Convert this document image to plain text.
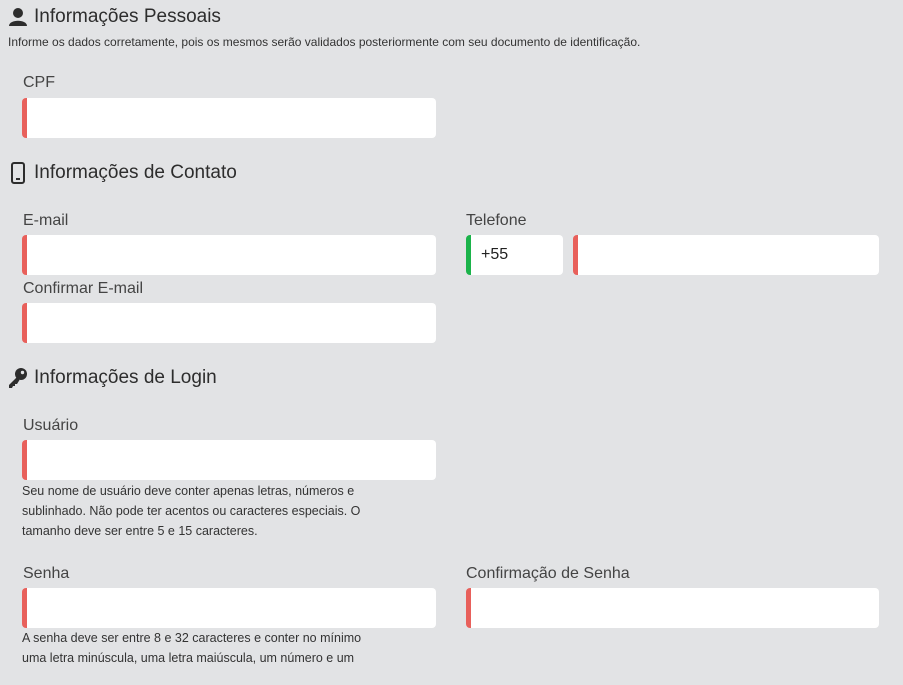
Informações Pessoais
Informe os dados corretamente, pois os mesmos serão validados posteriormente com seu documento de identificação.
CPF
Informações de Contato
E-mail	Telefone
+55
Confirmar E-mail
Informações de Login
Usuário
Seu nome de usuário deve conter apenas letras, números e
sublinhado. Não pode ter acentos ou caracteres especiais. O
tamanho deve ser entre 5 e 15 caracteres.
Senha	Confirmação de Senha
A senha deve ser entre 8 e 32 caracteres e conter no mínimo
uma letra minúscula, uma letra maiúscula, um número e um
